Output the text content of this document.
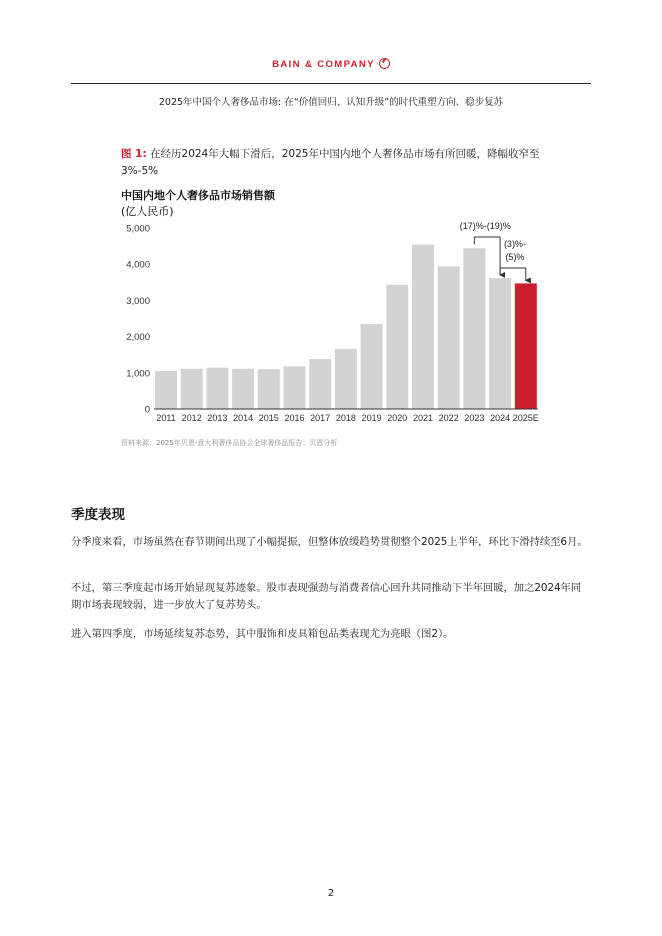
BAIN & COMPANY
2025年中国个人奢侈品市场: 在“价值回归、认知升级”的时代重塑方向、稳步复苏
图 1: 在经历2024年大幅下滑后，2025年中国内地个人奢侈品市场有所回暖，降幅收窄至3%-5%
中国内地个人奢侈品市场销售额
(亿人民币)
0
1,000
2,000
3,000
4,000
5,000
2011 2012 2013 2014 2015 2016 2017 2018 2019 2020 2021 2022 2023 2024 2025E
(17)%-(19)%
(3)%-
(5)%
资料来源：2025年贝恩-意大利奢侈品协会全球奢侈品报告；贝恩分析
季度表现
分季度来看，市场虽然在春节期间出现了小幅提振，但整体放缓趋势贯彻整个2025上半年，环比下滑持续至6月。
不过，第三季度起市场开始显现复苏迹象。股市表现强劲与消费者信心回升共同推动下半年回暖，加之2024年同期市场表现较弱，进一步放大了复苏势头。
进入第四季度，市场延续复苏态势，其中服饰和皮具箱包品类表现尤为亮眼（图2）。
2
